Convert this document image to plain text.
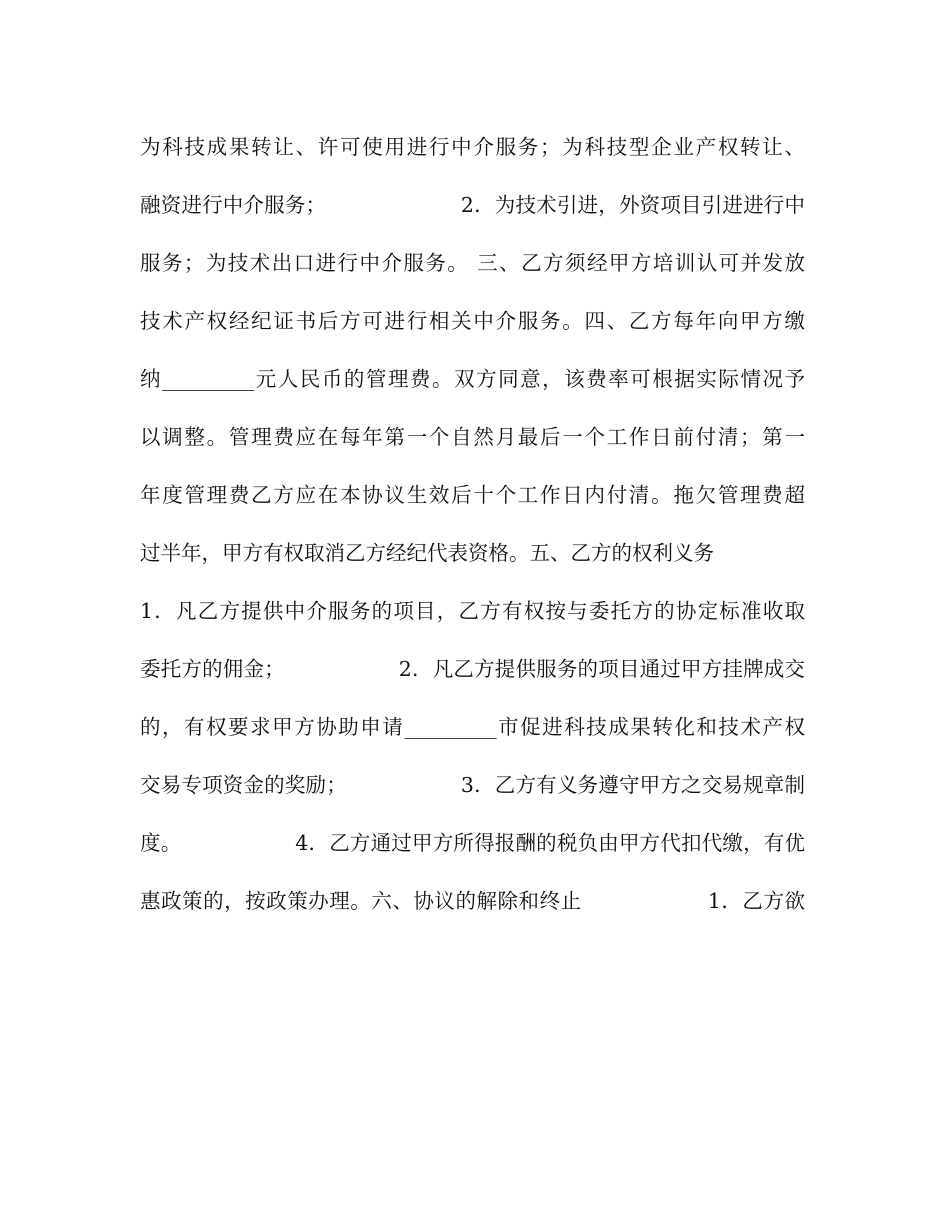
为科技成果转让、许可使用进行中介服务；为科技型企业产权转让、
融资进行中介服务；　　　　　　　2．为技术引进，外资项目引进进行中
服务；为技术出口进行中介服务。 三、乙方须经甲方培训认可并发放
技术产权经纪证书后方可进行相关中介服务。四、乙方每年向甲方缴
纳_________元人民币的管理费。双方同意，该费率可根据实际情况予
以调整。管理费应在每年第一个自然月最后一个工作日前付清；第一
年度管理费乙方应在本协议生效后十个工作日内付清。拖欠管理费超
过半年，甲方有权取消乙方经纪代表资格。五、乙方的权利义务
1．凡乙方提供中介服务的项目，乙方有权按与委托方的协定标准收取
委托方的佣金；　　　　　　2．凡乙方提供服务的项目通过甲方挂牌成交
的，有权要求甲方协助申请_________市促进科技成果转化和技术产权
交易专项资金的奖励；　　　　　　3．乙方有义务遵守甲方之交易规章制
度。　　　　　　4．乙方通过甲方所得报酬的税负由甲方代扣代缴，有优
惠政策的，按政策办理。六、协议的解除和终止　　　　　　1．乙方欲
